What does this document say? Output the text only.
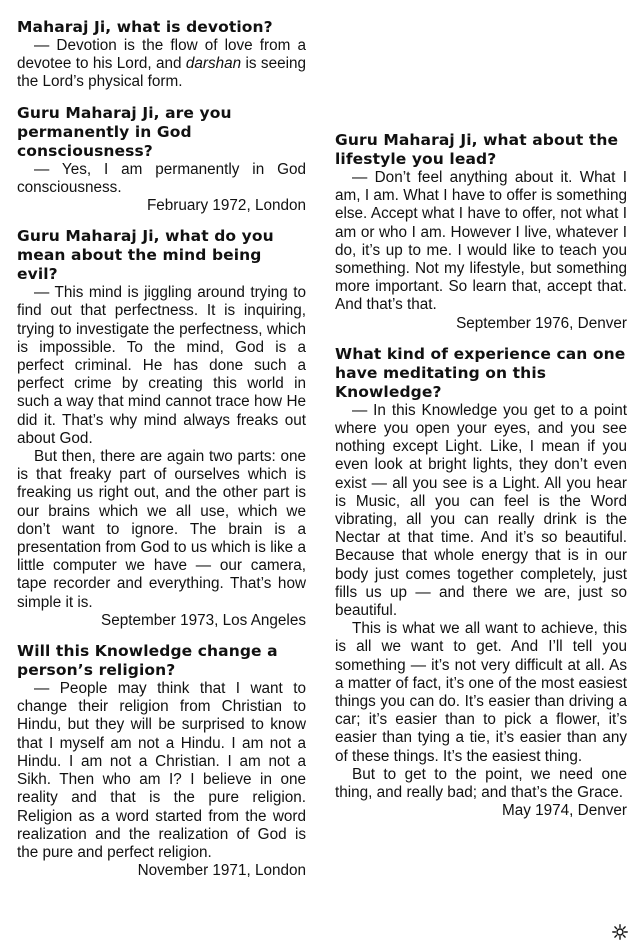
Maharaj Ji, what is devotion?

— Devotion is the flow of love from a devotee to his Lord, and darshan is seeing the Lord’s physical form.

Guru Maharaj Ji, are you permanently in God consciousness?

— Yes, I am permanently in God consciousness.

February 1972, London

Guru Maharaj Ji, what do you mean about the mind being evil?

— This mind is jiggling around trying to find out that perfectness. It is inquiring, trying to investigate the perfectness, which is impossible. To the mind, God is a perfect criminal. He has done such a perfect crime by creating this world in such a way that mind cannot trace how He did it. That’s why mind always freaks out about God.

But then, there are again two parts: one is that freaky part of ourselves which is freaking us right out, and the other part is our brains which we all use, which we don’t want to ignore. The brain is a presentation from God to us which is like a little computer we have — our camera, tape recorder and everything. That’s how simple it is.

September 1973, Los Angeles

Will this Knowledge change a person’s religion?

— People may think that I want to change their religion from Christian to Hindu, but they will be surprised to know that I myself am not a Hindu. I am not a Hindu. I am not a Christian. I am not a Sikh. Then who am I? I believe in one reality and that is the pure religion. Religion as a word started from the word realization and the realization of God is the pure and perfect religion.

November 1971, London

Guru Maharaj Ji, what about the lifestyle you lead?

— Don’t feel anything about it. What I am, I am. What I have to offer is something else. Accept what I have to offer, not what I am or who I am. However I live, whatever I do, it’s up to me. I would like to teach you something. Not my lifestyle, but something more important. So learn that, accept that. And that’s that.

September 1976, Denver

What kind of experience can one have meditating on this Knowledge?

— In this Knowledge you get to a point where you open your eyes, and you see nothing except Light. Like, I mean if you even look at bright lights, they don’t even exist — all you see is a Light. All you hear is Music, all you can feel is the Word vibrating, all you can really drink is the Nectar at that time. And it’s so beautiful. Because that whole energy that is in our body just comes together completely, just fills us up — and there we are, just so beautiful.

This is what we all want to achieve, this is all we want to get. And I’ll tell you something — it’s not very difficult at all. As a matter of fact, it’s one of the most easiest things you can do. It’s easier than driving a car; it’s easier than to pick a flower, it’s easier than tying a tie, it’s easier than any of these things. It’s the easiest thing.

But to get to the point, we need one thing, and really bad; and that’s the Grace.

May 1974, Denver
